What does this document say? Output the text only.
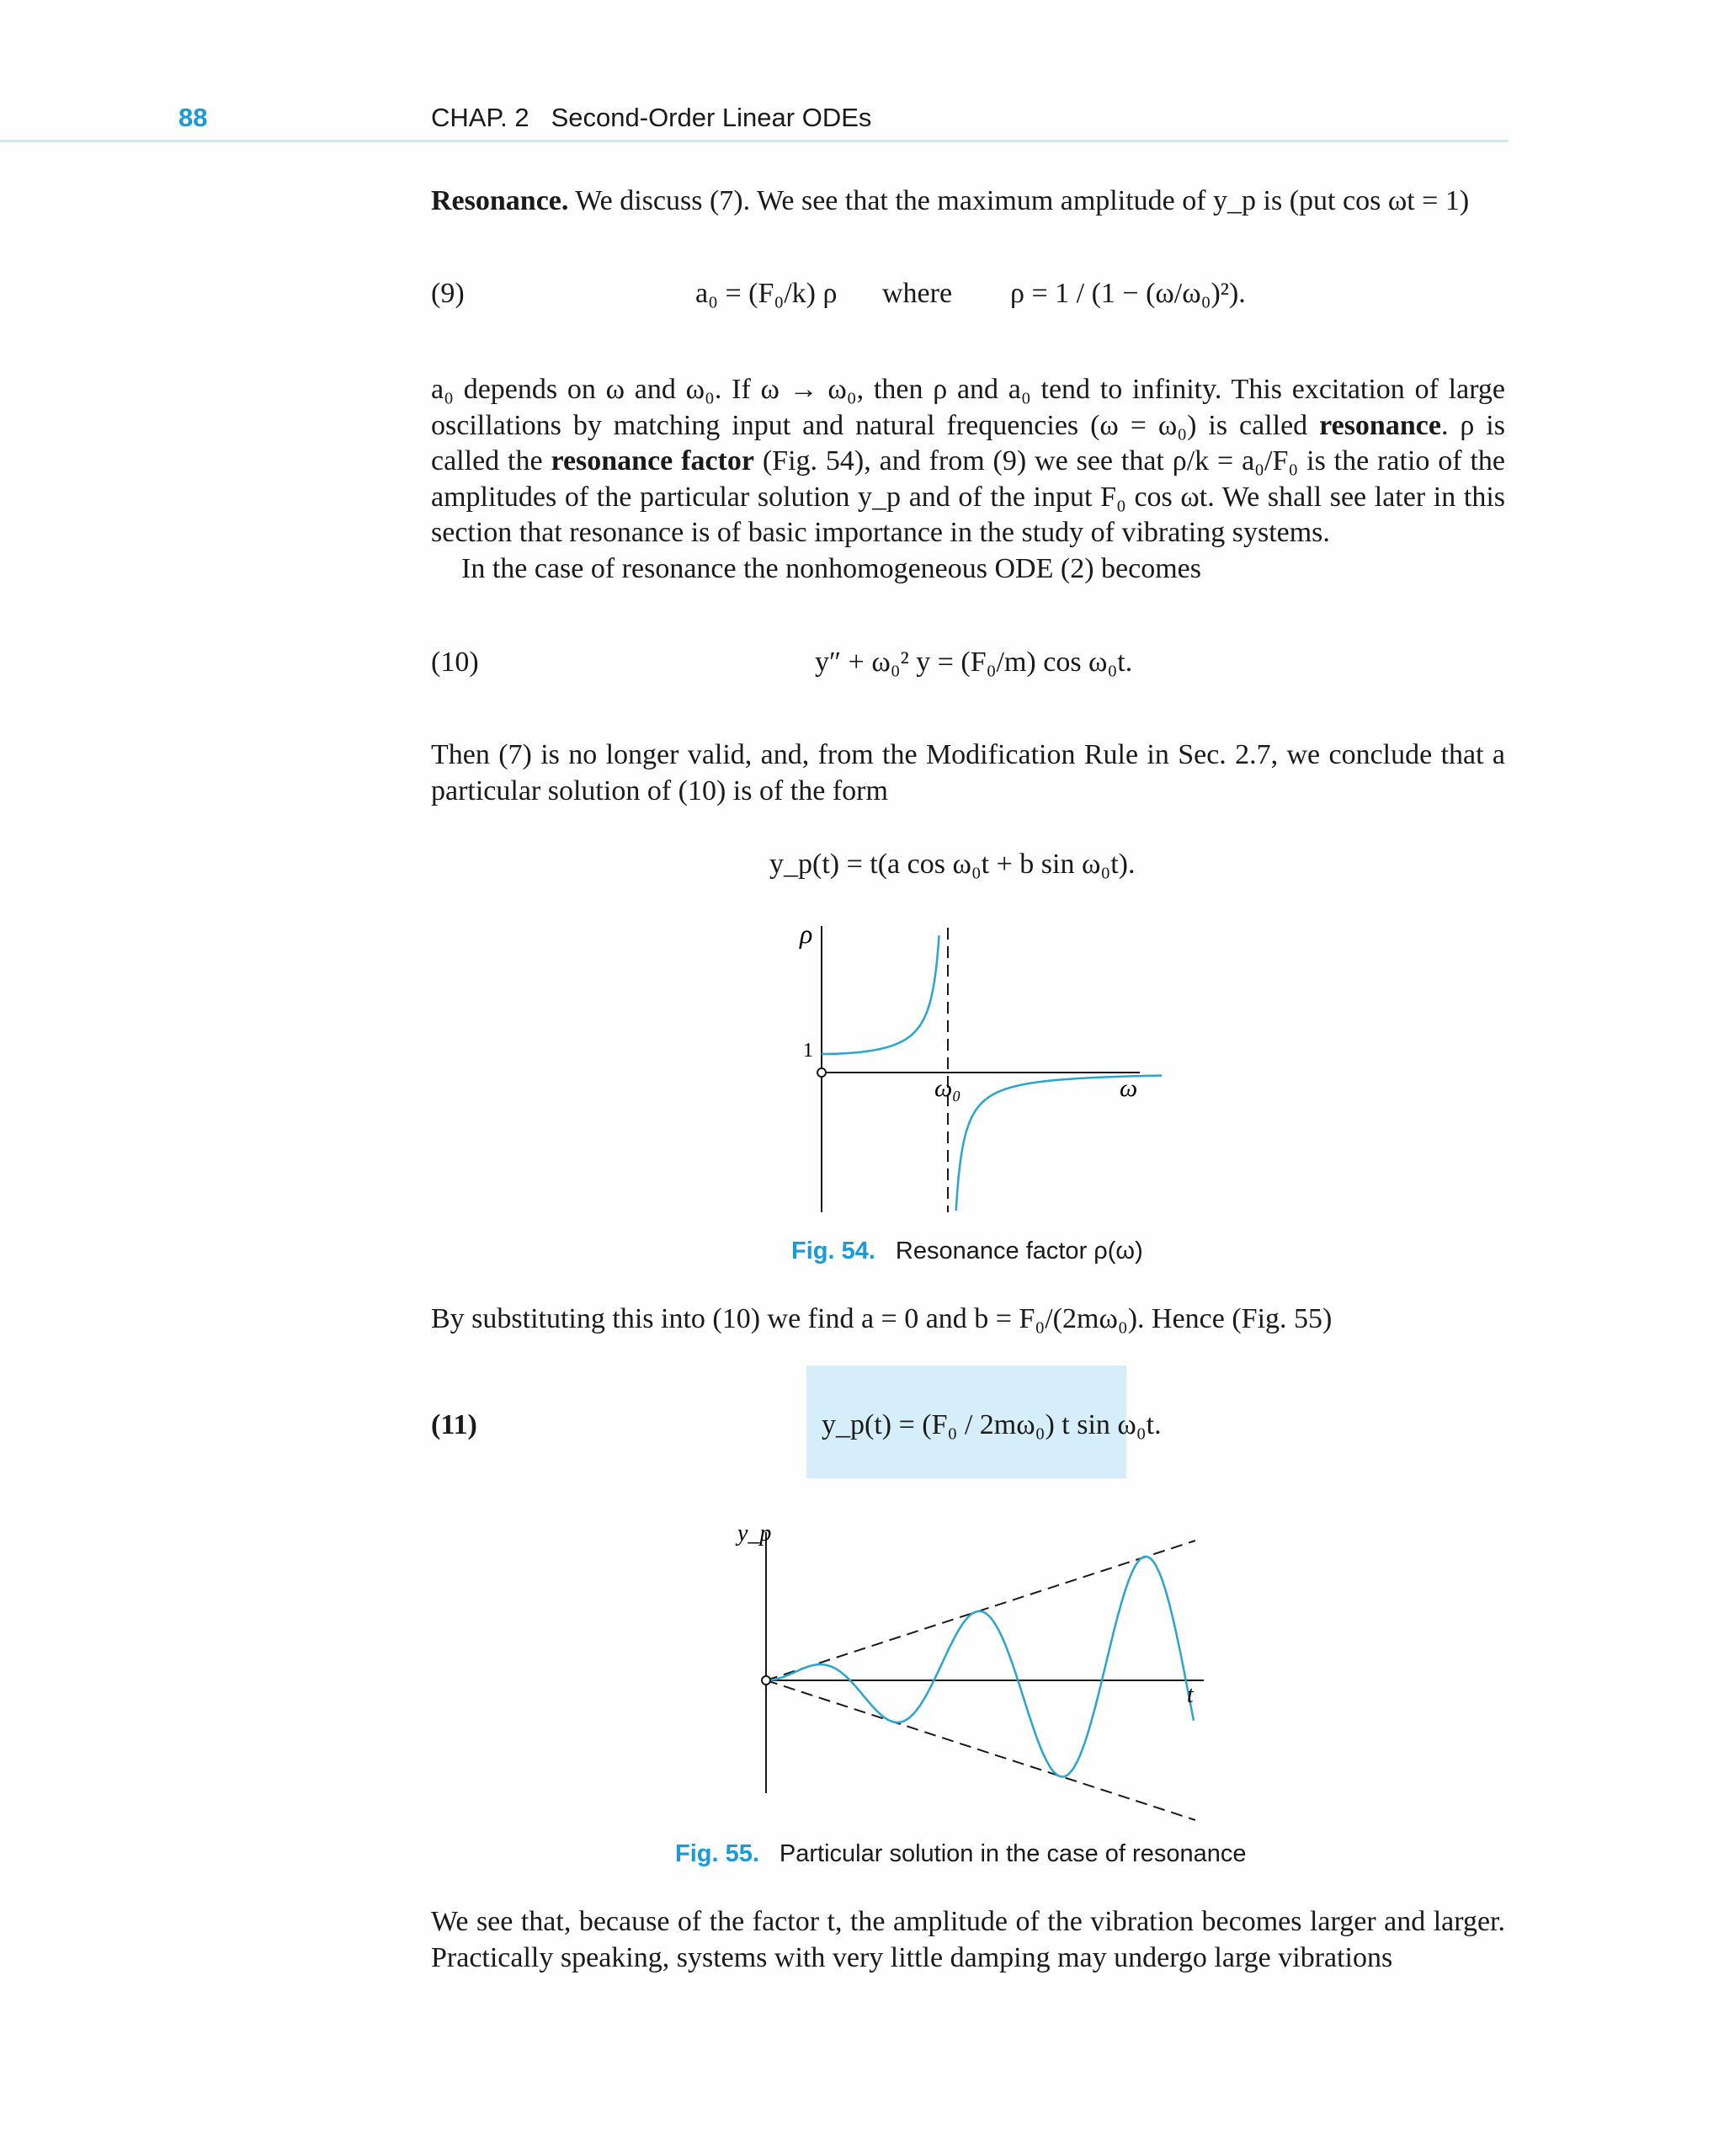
88	CHAP. 2 Second-Order Linear ODEs

Resonance. We discuss (7). We see that the maximum amplitude of y_p is (put cos ωt = 1)

(9)	a₀ = (F₀/k) ρ where ρ = 1 / (1 − (ω/ω₀)²).

a₀ depends on ω and ω₀. If ω → ω₀, then ρ and a₀ tend to infinity. This excitation of large oscillations by matching input and natural frequencies (ω = ω₀) is called resonance. ρ is called the resonance factor (Fig. 54), and from (9) we see that ρ/k = a₀/F₀ is the ratio of the amplitudes of the particular solution y_p and of the input F₀ cos ωt. We shall see later in this section that resonance is of basic importance in the study of vibrating systems.

In the case of resonance the nonhomogeneous ODE (2) becomes

(10)	y″ + ω₀² y = (F₀/m) cos ω₀t.

Then (7) is no longer valid, and, from the Modification Rule in Sec. 2.7, we conclude that a particular solution of (10) is of the form

y_p(t) = t(a cos ω₀t + b sin ω₀t).
ρ
1
ω₀	ω
Fig. 54. Resonance factor ρ(ω)

By substituting this into (10) we find a = 0 and b = F₀/(2mω₀). Hence (Fig. 55)

(11)	y_p(t) = (F₀ / 2mω₀) t sin ω₀t.
y_p
t
Fig. 55. Particular solution in the case of resonance

We see that, because of the factor t, the amplitude of the vibration becomes larger and larger. Practically speaking, systems with very little damping may undergo large vibrations
